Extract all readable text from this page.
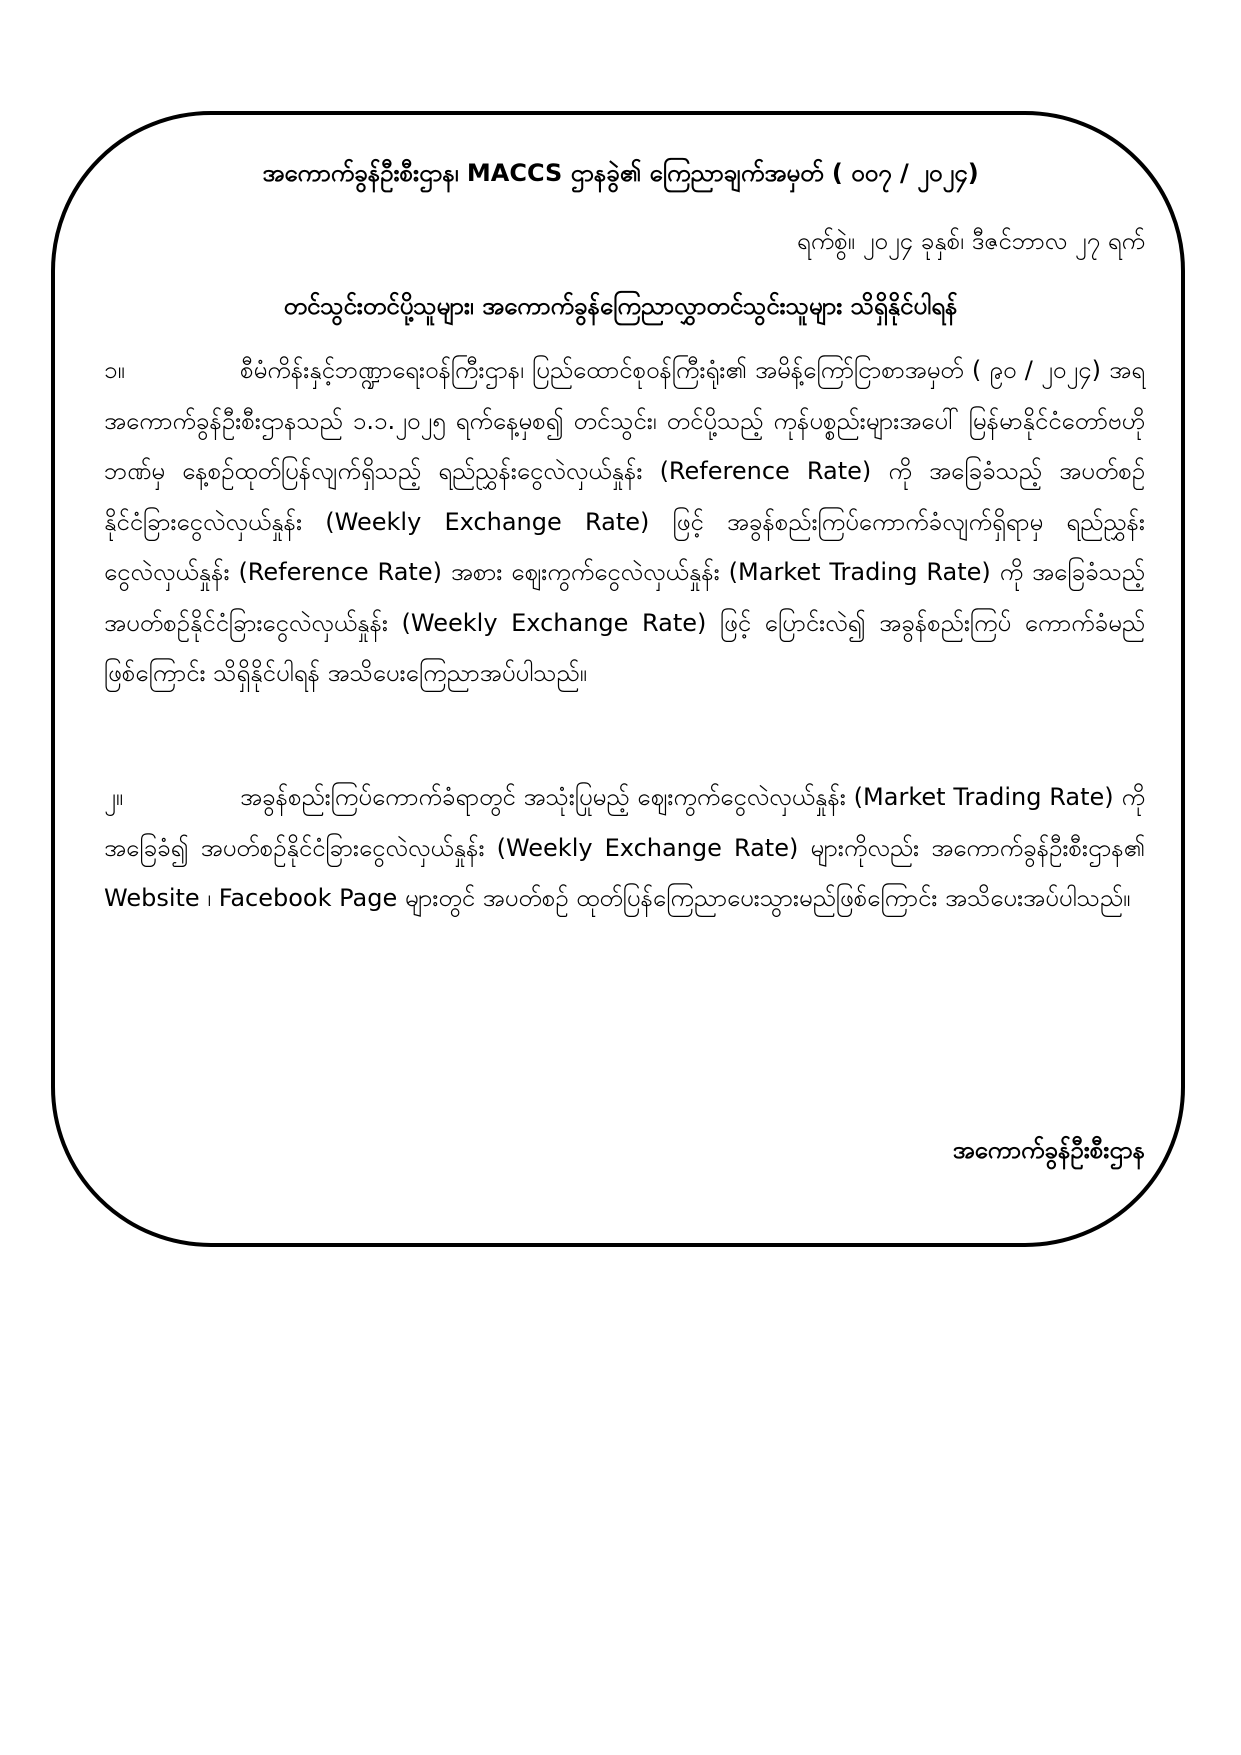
အကောက်ခွန်ဦးစီးဌာန၊ MACCS ဌာနခွဲ၏ ကြေညာချက်အမှတ် ( ၀၀၇ / ၂၀၂၄)

ရက်စွဲ။ ၂၀၂၄ ခုနှစ်၊ ဒီဇင်ဘာလ ၂၇ ရက်

တင်သွင်းတင်ပို့သူများ၊ အကောက်ခွန်ကြေညာလွှာတင်သွင်းသူများ သိရှိနိုင်ပါရန်

၁။	စီမံကိန်းနှင့်ဘဏ္ဍာရေးဝန်ကြီးဌာန၊ ပြည်ထောင်စုဝန်ကြီးရုံး၏ အမိန့်ကြော်ငြာစာအမှတ် ( ၉၀ / ၂၀၂၄) အရ အကောက်ခွန်ဦးစီးဌာနသည် ၁.၁.၂၀၂၅ ရက်နေ့မှစ၍ တင်သွင်း၊ တင်ပို့သည့် ကုန်ပစ္စည်းများအပေါ် မြန်မာနိုင်ငံတော်ဗဟိုဘဏ်မှ နေ့စဉ်ထုတ်ပြန်လျက်ရှိသည့် ရည်ညွှန်းငွေလဲလှယ်နှုန်း (Reference Rate) ကို အခြေခံသည့် အပတ်စဉ်နိုင်ငံခြားငွေလဲလှယ်နှုန်း (Weekly Exchange Rate) ဖြင့် အခွန်စည်းကြပ်ကောက်ခံလျက်ရှိရာမှ ရည်ညွှန်းငွေလဲလှယ်နှုန်း (Reference Rate) အစား ဈေးကွက်ငွေလဲလှယ်နှုန်း (Market Trading Rate) ကို အခြေခံသည့် အပတ်စဉ်နိုင်ငံခြားငွေလဲလှယ်နှုန်း (Weekly Exchange Rate) ဖြင့် ပြောင်းလဲ၍ အခွန်စည်းကြပ် ကောက်ခံမည်ဖြစ်ကြောင်း သိရှိနိုင်ပါရန် အသိပေးကြေညာအပ်ပါသည်။

၂။	အခွန်စည်းကြပ်ကောက်ခံရာတွင် အသုံးပြုမည့် ဈေးကွက်ငွေလဲလှယ်နှုန်း (Market Trading Rate) ကို အခြေခံ၍ အပတ်စဉ်နိုင်ငံခြားငွေလဲလှယ်နှုန်း (Weekly Exchange Rate) များကိုလည်း အကောက်ခွန်ဦးစီးဌာန၏ Website ၊ Facebook Page များတွင် အပတ်စဉ် ထုတ်ပြန်ကြေညာပေးသွားမည်ဖြစ်ကြောင်း အသိပေးအပ်ပါသည်။

အကောက်ခွန်ဦးစီးဌာန
